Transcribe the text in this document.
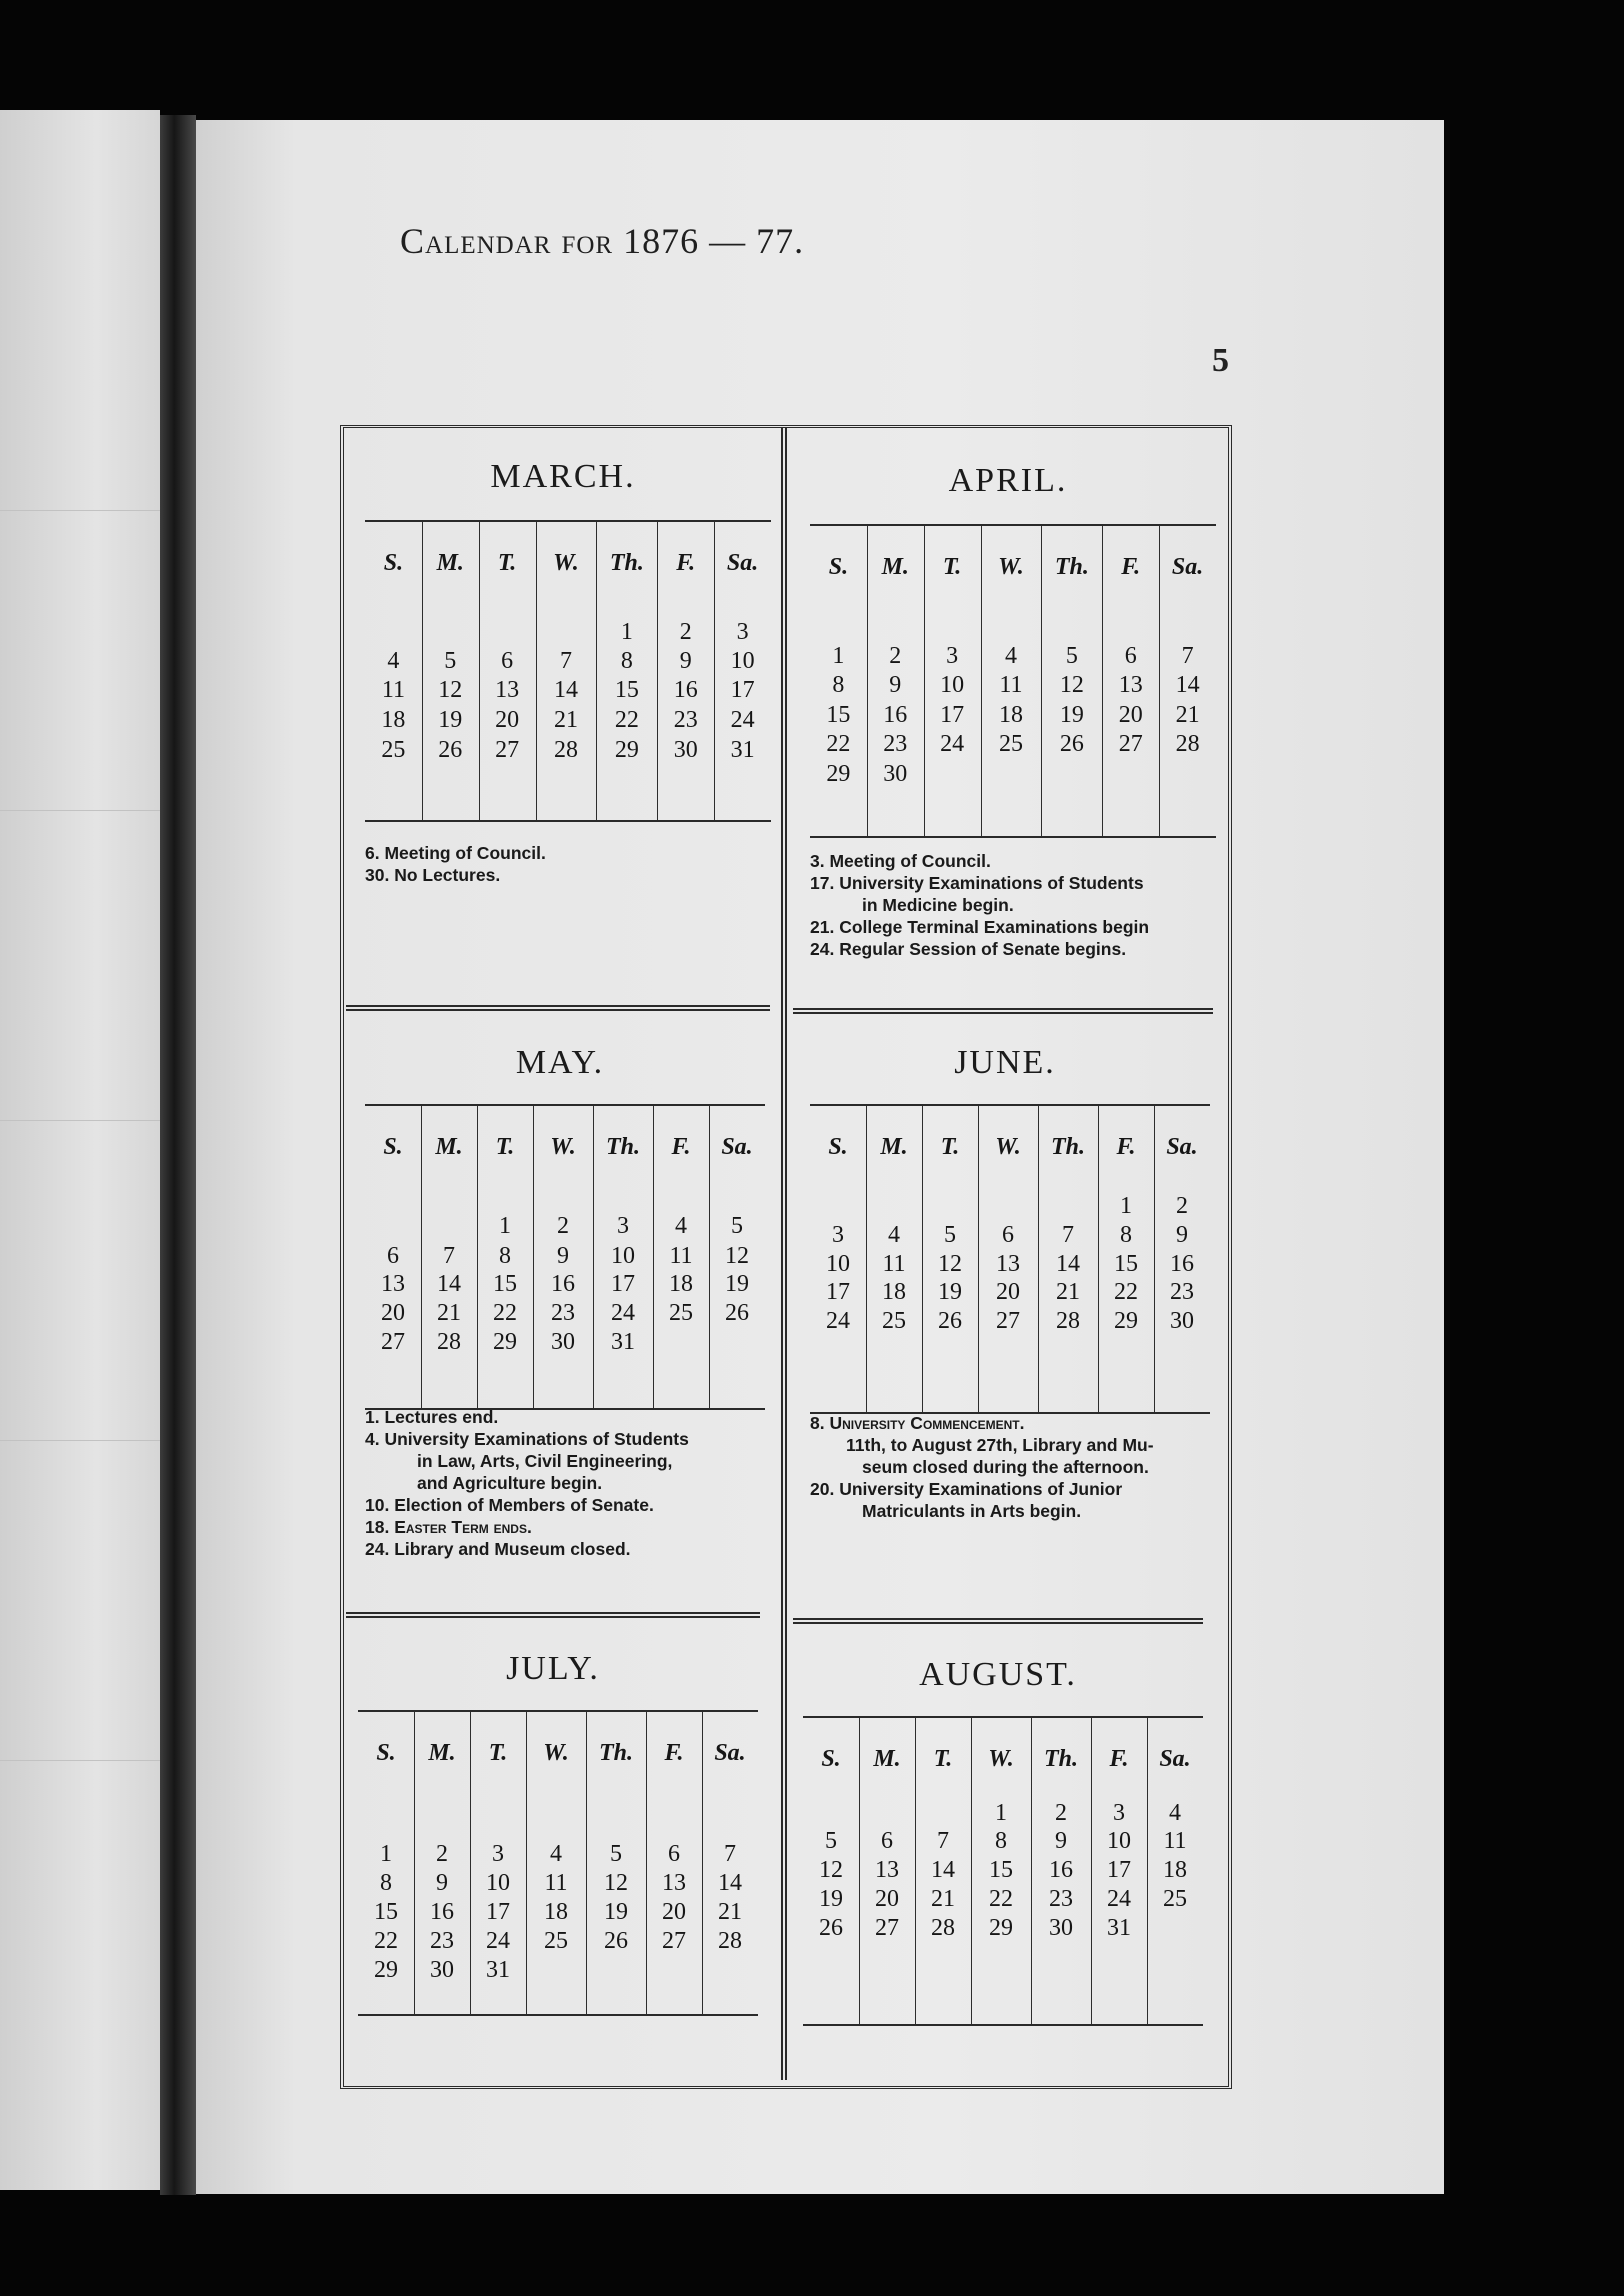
Calendar for 1876 — 77.
5
MARCH.
S.
4
11
18
25
M.
5
12
19
26
T.
6
13
20
27
W.
7
14
21
28
Th.
1
8
15
22
29
F.
2
9
16
23
30
Sa.
3
10
17
24
31

6. Meeting of Council.

30. No Lectures.

APRIL.
S.
1
8
15
22
29
M.
2
9
16
23
30
T.
3
10
17
24
W.
4
11
18
25
Th.
5
12
19
26
F.
6
13
20
27
Sa.
7
14
21
28

3. Meeting of Council.

17. University Examinations of Students

in Medicine begin.

21. College Terminal Examinations begin

24. Regular Session of Senate begins.

MAY.
S.
6
13
20
27
M.
7
14
21
28
T.
1
8
15
22
29
W.
2
9
16
23
30
Th.
3
10
17
24
31
F.
4
11
18
25
Sa.
5
12
19
26

1. Lectures end.

4. University Examinations of Students

in Law, Arts, Civil Engineering,

and Agriculture begin.

10. Election of Members of Senate.

18. Easter Term ends.

24. Library and Museum closed.

JUNE.
S.
3
10
17
24
M.
4
11
18
25
T.
5
12
19
26
W.
6
13
20
27
Th.
7
14
21
28
F.
1
8
15
22
29
Sa.
2
9
16
23
30

8. University Commencement.

11th, to August 27th, Library and Mu-

seum closed during the afternoon.

20. University Examinations of Junior

Matriculants in Arts begin.

JULY.
S.
1
8
15
22
29
M.
2
9
16
23
30
T.
3
10
17
24
31
W.
4
11
18
25
Th.
5
12
19
26
F.
6
13
20
27
Sa.
7
14
21
28
AUGUST.
S.
5
12
19
26
M.
6
13
20
27
T.
7
14
21
28
W.
1
8
15
22
29
Th.
2
9
16
23
30
F.
3
10
17
24
31
Sa.
4
11
18
25
